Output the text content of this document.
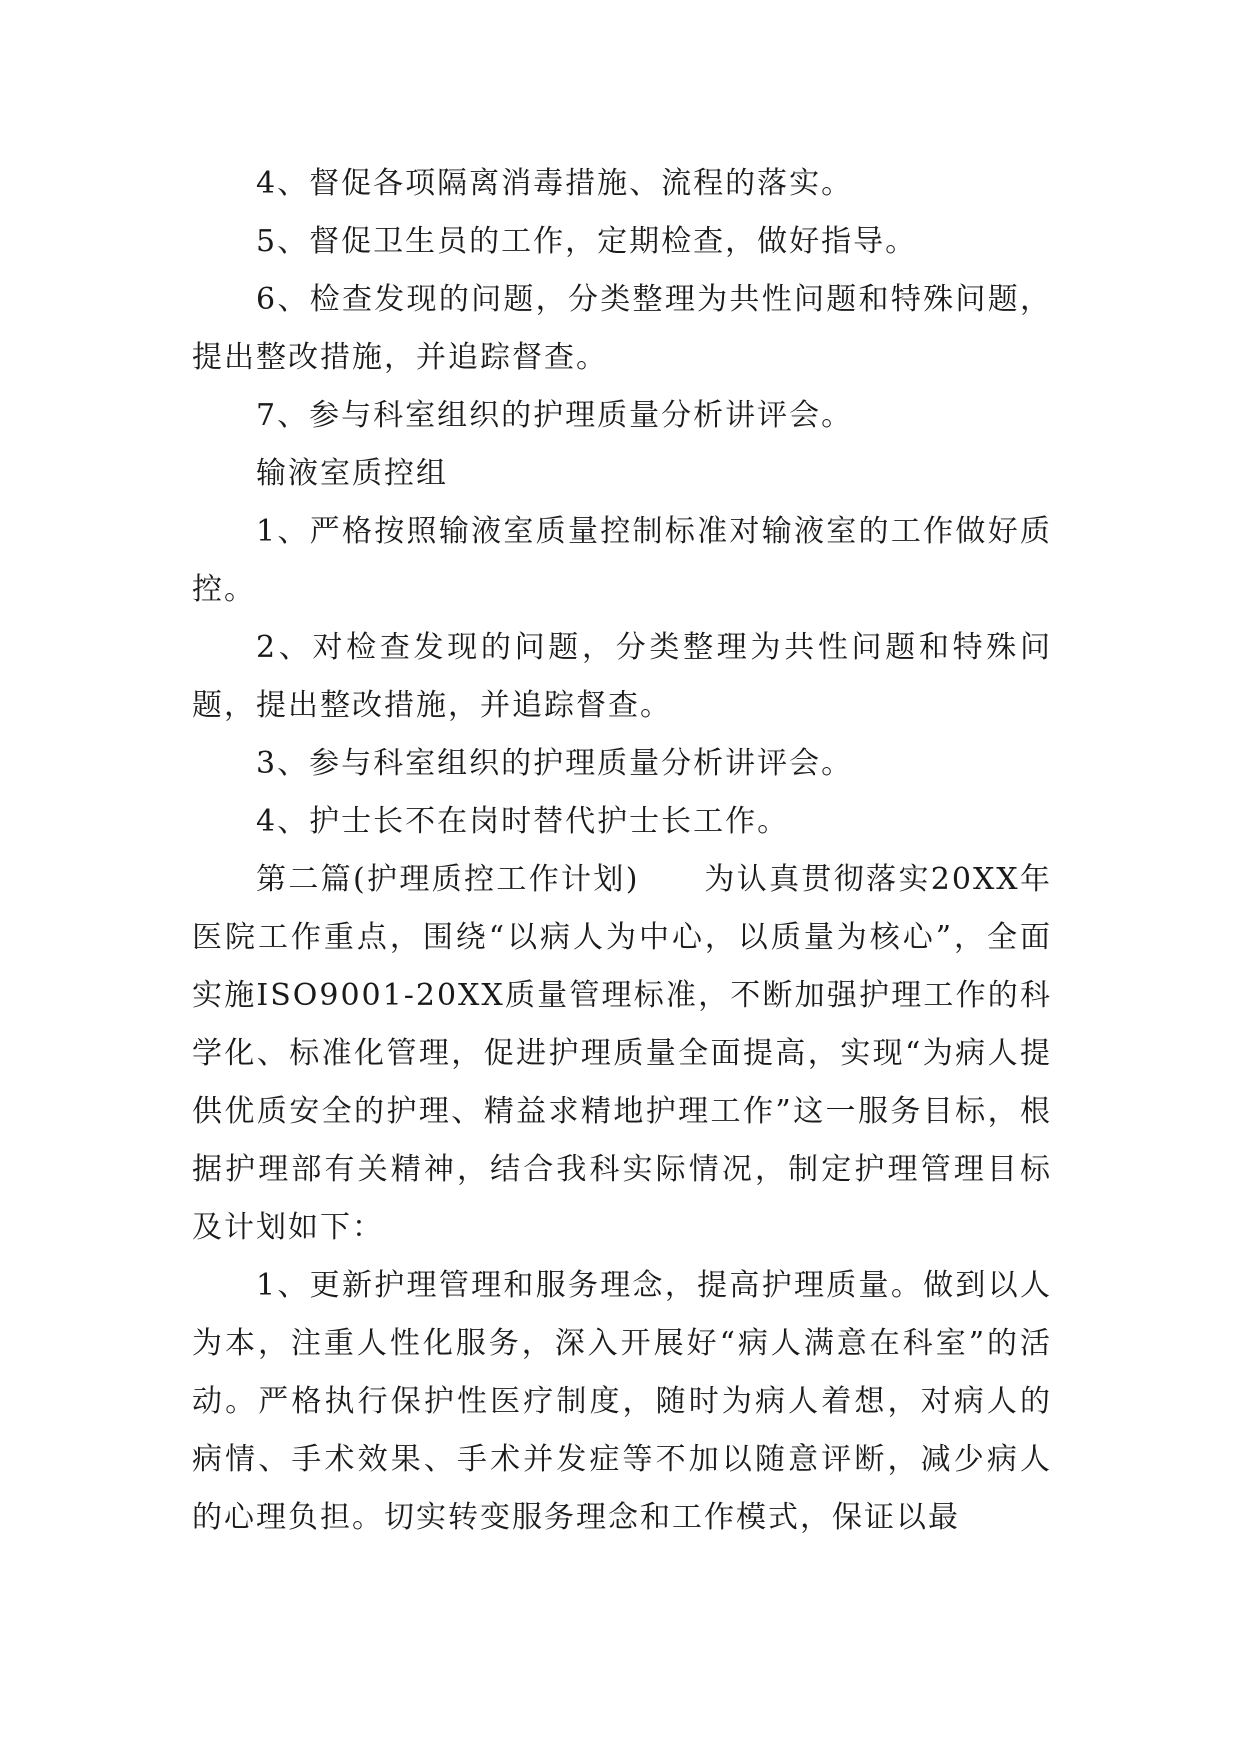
4、督促各项隔离消毒措施、流程的落实。

5、督促卫生员的工作，定期检查，做好指导。

6、检查发现的问题，分类整理为共性问题和特殊问题，提出整改措施，并追踪督查。

7、参与科室组织的护理质量分析讲评会。

输液室质控组

1、严格按照输液室质量控制标准对输液室的工作做好质控。

2、对检查发现的问题，分类整理为共性问题和特殊问题，提出整改措施，并追踪督查。

3、参与科室组织的护理质量分析讲评会。

4、护士长不在岗时替代护士长工作。

第二篇(护理质控工作计划)　　为认真贯彻落实20XX年医院工作重点，围绕“以病人为中心，以质量为核心”，全面实施ISO9001-20XX质量管理标准，不断加强护理工作的科学化、标准化管理，促进护理质量全面提高，实现“为病人提供优质安全的护理、精益求精地护理工作”这一服务目标，根据护理部有关精神，结合我科实际情况，制定护理管理目标及计划如下：

1、更新护理管理和服务理念，提高护理质量。做到以人为本，注重人性化服务，深入开展好“病人满意在科室”的活动。严格执行保护性医疗制度，随时为病人着想，对病人的病情、手术效果、手术并发症等不加以随意评断，减少病人的心理负担。切实转变服务理念和工作模式，保证以最
